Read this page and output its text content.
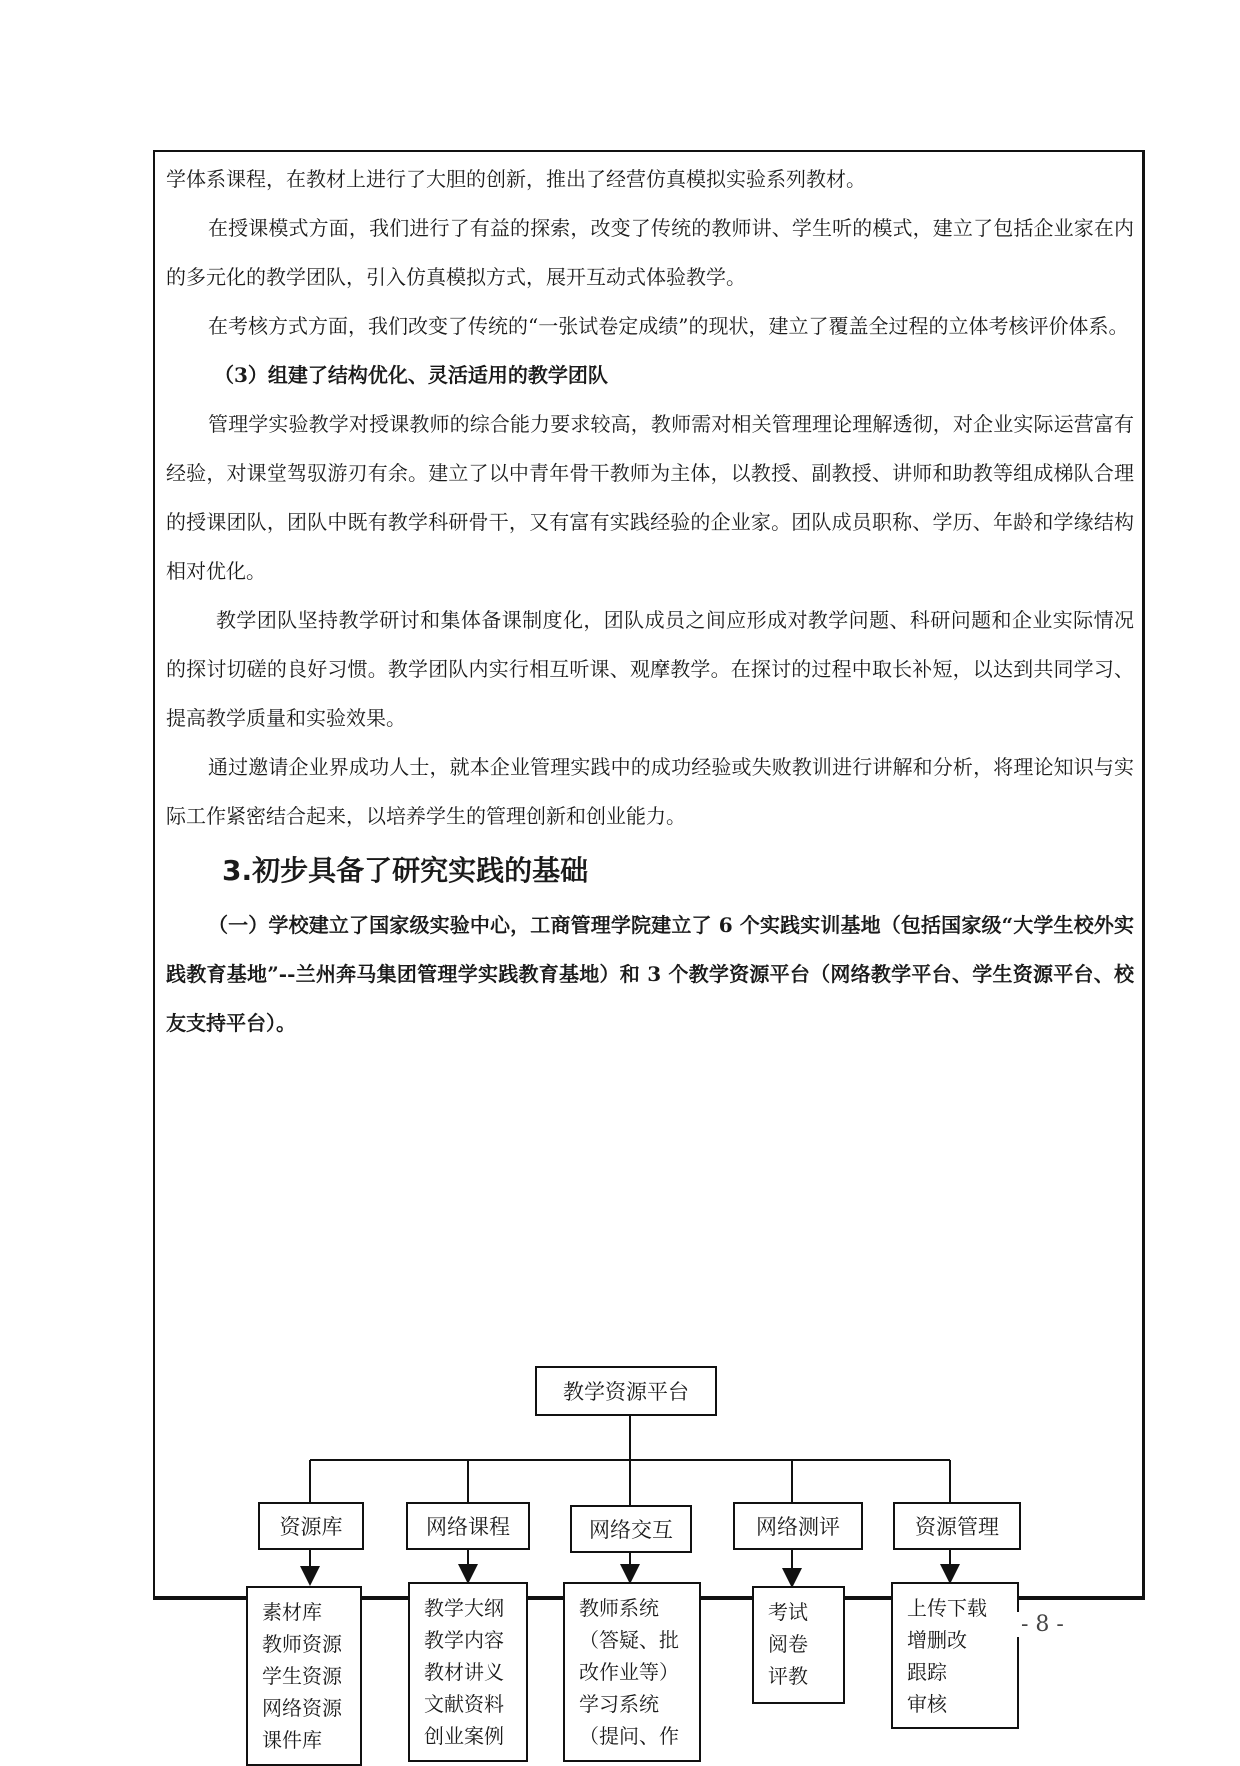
学体系课程，在教材上进行了大胆的创新，推出了经营仿真模拟实验系列教材。

在授课模式方面，我们进行了有益的探索，改变了传统的教师讲、学生听的模式，建立了包括企业家在内的多元化的教学团队，引入仿真模拟方式，展开互动式体验教学。

在考核方式方面，我们改变了传统的“一张试卷定成绩”的现状，建立了覆盖全过程的立体考核评价体系。

（3）组建了结构优化、灵活适用的教学团队

管理学实验教学对授课教师的综合能力要求较高，教师需对相关管理理论理解透彻，对企业实际运营富有经验，对课堂驾驭游刃有余。建立了以中青年骨干教师为主体，以教授、副教授、讲师和助教等组成梯队合理的授课团队，团队中既有教学科研骨干，又有富有实践经验的企业家。团队成员职称、学历、年龄和学缘结构相对优化。

教学团队坚持教学研讨和集体备课制度化，团队成员之间应形成对教学问题、科研问题和企业实际情况的探讨切磋的良好习惯。教学团队内实行相互听课、观摩教学。在探讨的过程中取长补短，以达到共同学习、提高教学质量和实验效果。

通过邀请企业界成功人士，就本企业管理实践中的成功经验或失败教训进行讲解和分析，将理论知识与实际工作紧密结合起来，以培养学生的管理创新和创业能力。

3.初步具备了研究实践的基础

（一）学校建立了国家级实验中心，工商管理学院建立了 6 个实践实训基地（包括国家级“大学生校外实践教育基地”--兰州奔马集团管理学实践教育基地）和 3 个教学资源平台（网络教学平台、学生资源平台、校友支持平台）。

教学资源平台
资源库	网络课程	网络交互	网络测评	资源管理
素材库
教师资源
学生资源
网络资源
课件库
教学大纲
教学内容
教材讲义
文献资料
创业案例
教师系统
（答疑、批
改作业等）
学习系统
（提问、作
考试
阅卷
评教
上传下载
增删改
跟踪
审核
- 8 -
